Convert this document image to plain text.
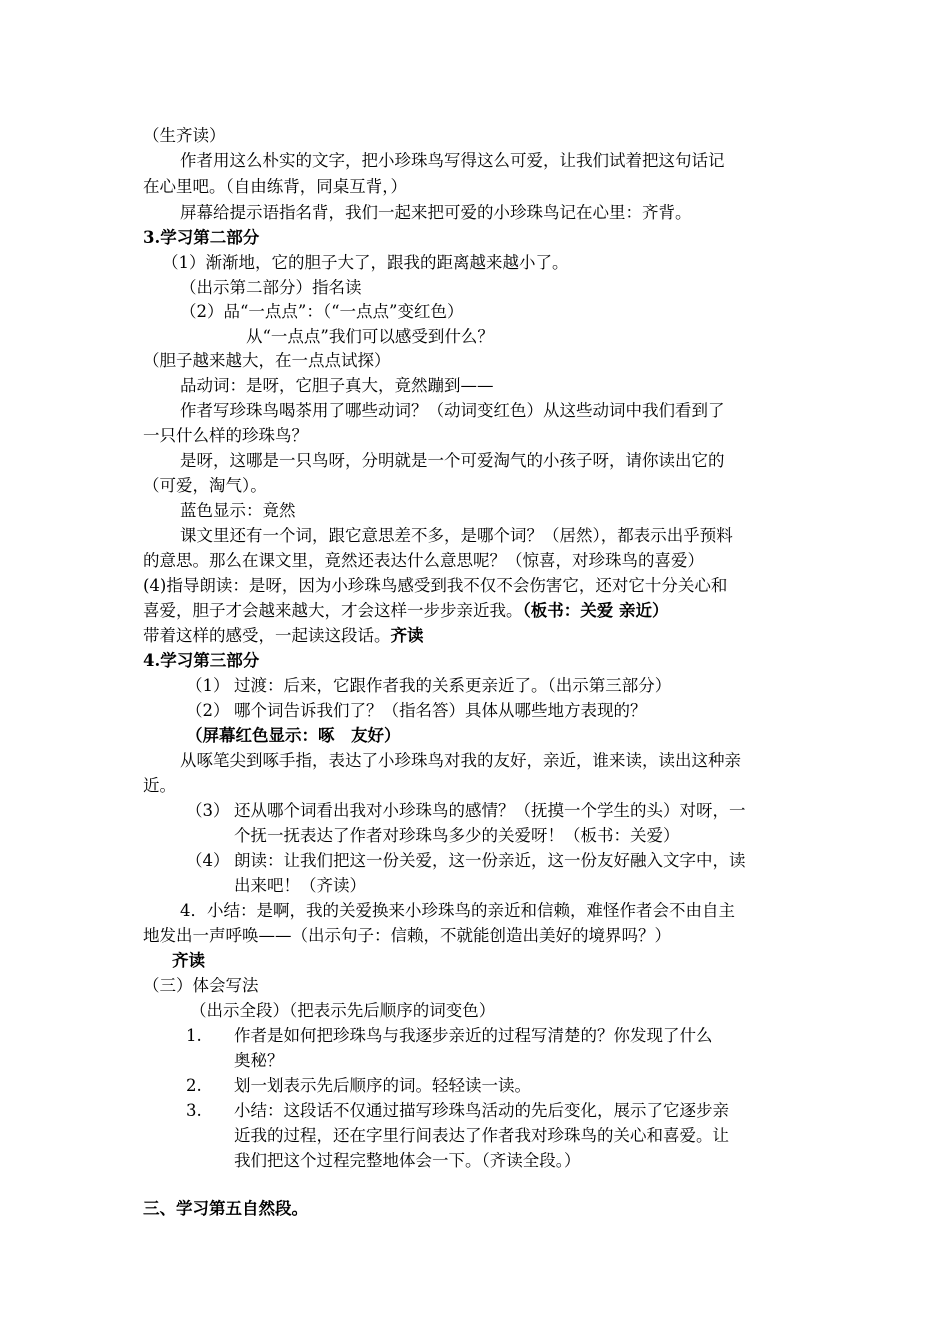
（生齐读）
作者用这么朴实的文字，把小珍珠鸟写得这么可爱，让我们试着把这句话记
在心里吧。（自由练背，同桌互背，）
屏幕给提示语指名背，我们一起来把可爱的小珍珠鸟记在心里：齐背。
3.学习第二部分
（1）渐渐地，它的胆子大了，跟我的距离越来越小了。
（出示第二部分）指名读
（2）品“一点点”：（“一点点”变红色）
从“一点点”我们可以感受到什么？
（胆子越来越大，在一点点试探）
品动词：是呀，它胆子真大，竟然蹦到——
作者写珍珠鸟喝茶用了哪些动词？（动词变红色）从这些动词中我们看到了
一只什么样的珍珠鸟？
是呀，这哪是一只鸟呀，分明就是一个可爱淘气的小孩子呀，请你读出它的
（可爱，淘气）。
蓝色显示：竟然
课文里还有一个词，跟它意思差不多，是哪个词？（居然），都表示出乎预料
的意思。那么在课文里，竟然还表达什么意思呢？（惊喜，对珍珠鸟的喜爱）
(4)指导朗读：是呀，因为小珍珠鸟感受到我不仅不会伤害它，还对它十分关心和
喜爱，胆子才会越来越大，才会这样一步步亲近我。（板书：关爱 亲近）
带着这样的感受，一起读这段话。齐读
4.学习第三部分
（1） 过渡：后来，它跟作者我的关系更亲近了。（出示第三部分）
（2） 哪个词告诉我们了？（指名答）具体从哪些地方表现的？
（屏幕红色显示：啄　友好）
从啄笔尖到啄手指，表达了小珍珠鸟对我的友好，亲近，谁来读，读出这种亲
近。
（3） 还从哪个词看出我对小珍珠鸟的感情？（抚摸一个学生的头）对呀，一
个抚一抚表达了作者对珍珠鸟多少的关爱呀！（板书：关爱）
（4） 朗读：让我们把这一份关爱，这一份亲近，这一份友好融入文字中，读
出来吧！（齐读）
4．小结：是啊，我的关爱换来小珍珠鸟的亲近和信赖，难怪作者会不由自主
地发出一声呼唤——（出示句子：信赖，不就能创造出美好的境界吗？）
齐读
（三）体会写法
（出示全段）（把表示先后顺序的词变色）
1. 作者是如何把珍珠鸟与我逐步亲近的过程写清楚的？你发现了什么
奥秘？
2. 划一划表示先后顺序的词。轻轻读一读。
3. 小结：这段话不仅通过描写珍珠鸟活动的先后变化，展示了它逐步亲
近我的过程，还在字里行间表达了作者我对珍珠鸟的关心和喜爱。让
我们把这个过程完整地体会一下。（齐读全段。）
三、学习第五自然段。
